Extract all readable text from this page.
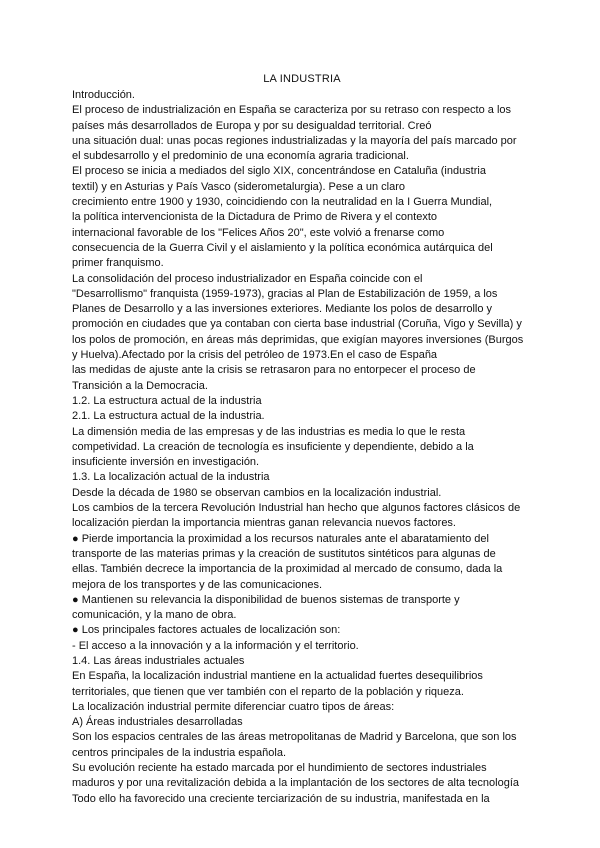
LA INDUSTRIA
Introducción.
El proceso de industrialización en España se caracteriza por su retraso con respecto a los
países más desarrollados de Europa y por su desigualdad territorial. Creó
una situación dual: unas pocas regiones industrializadas y la mayoría del país marcado por
el subdesarrollo y el predominio de una economía agraria tradicional.
El proceso se inicia a mediados del siglo XIX, concentrándose en Cataluña (industria
textil) y en Asturias y País Vasco (siderometalurgia). Pese a un claro
crecimiento entre 1900 y 1930, coincidiendo con la neutralidad en la I Guerra Mundial,
la política intervencionista de la Dictadura de Primo de Rivera y el contexto
internacional favorable de los "Felices Años 20", este volvió a frenarse como
consecuencia de la Guerra Civil y el aislamiento y la política económica autárquica del
primer franquismo.
La consolidación del proceso industrializador en España coincide con el
"Desarrollismo" franquista (1959-1973), gracias al Plan de Estabilización de 1959, a los
Planes de Desarrollo y a las inversiones exteriores. Mediante los polos de desarrollo y
promoción en ciudades que ya contaban con cierta base industrial (Coruña, Vigo y Sevilla) y
los polos de promoción, en áreas más deprimidas, que exigían mayores inversiones (Burgos
y Huelva).Afectado por la crisis del petróleo de 1973.En el caso de España
las medidas de ajuste ante la crisis se retrasaron para no entorpecer el proceso de
Transición a la Democracia.
1.2. La estructura actual de la industria
2.1. La estructura actual de la industria.
La dimensión media de las empresas y de las industrias es media lo que le resta
competividad. La creación de tecnología es insuficiente y dependiente, debido a la
insuficiente inversión en investigación.
1.3. La localización actual de la industria
Desde la década de 1980 se observan cambios en la localización industrial.
Los cambios de la tercera Revolución Industrial han hecho que algunos factores clásicos de
localización pierdan la importancia mientras ganan relevancia nuevos factores.
● Pierde importancia la proximidad a los recursos naturales ante el abaratamiento del
transporte de las materias primas y la creación de sustitutos sintéticos para algunas de
ellas. También decrece la importancia de la proximidad al mercado de consumo, dada la
mejora de los transportes y de las comunicaciones.
● Mantienen su relevancia la disponibilidad de buenos sistemas de transporte y
comunicación, y la mano de obra.
● Los principales factores actuales de localización son:
- El acceso a la innovación y a la información y el territorio.
1.4. Las áreas industriales actuales
En España, la localización industrial mantiene en la actualidad fuertes desequilibrios
territoriales, que tienen que ver también con el reparto de la población y riqueza.
La localización industrial permite diferenciar cuatro tipos de áreas:
A) Áreas industriales desarrolladas
Son los espacios centrales de las áreas metropolitanas de Madrid y Barcelona, que son los
centros principales de la industria española.
Su evolución reciente ha estado marcada por el hundimiento de sectores industriales
maduros y por una revitalización debida a la implantación de los sectores de alta tecnología
Todo ello ha favorecido una creciente terciarización de su industria, manifestada en la
